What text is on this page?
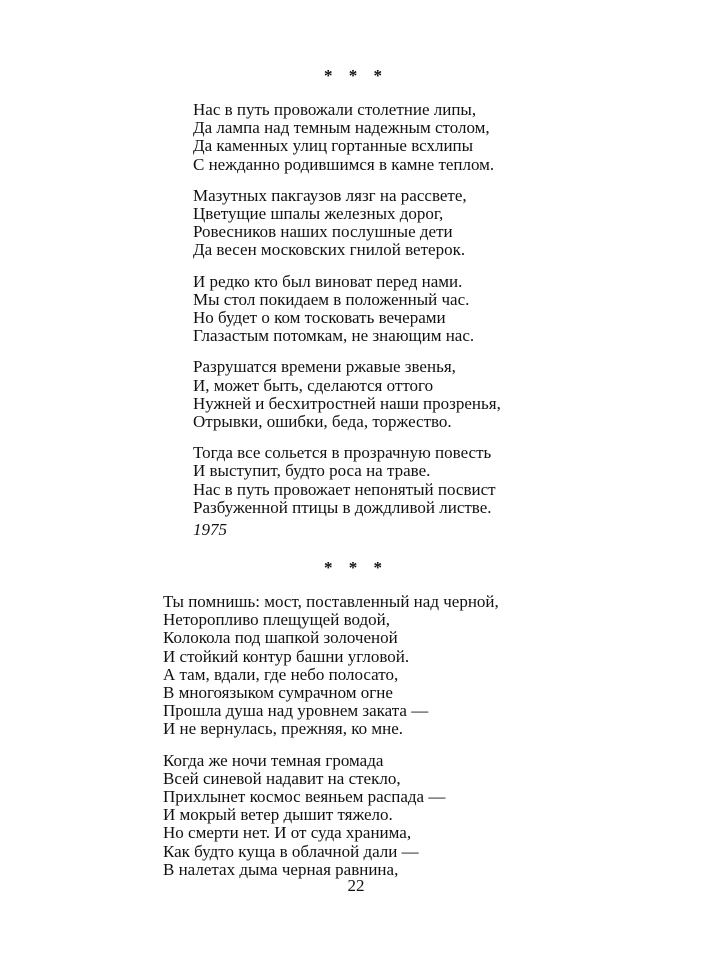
* * *
Нас в путь провожали столетние липы,
Да лампа над темным надежным столом,
Да каменных улиц гортанные всхлипы
С нежданно родившимся в камне теплом.
Мазутных пакгаузов лязг на рассвете,
Цветущие шпалы железных дорог,
Ровесников наших послушные дети
Да весен московских гнилой ветерок.
И редко кто был виноват перед нами.
Мы стол покидаем в положенный час.
Но будет о ком тосковать вечерами
Глазастым потомкам, не знающим нас.
Разрушатся времени ржавые звенья,
И, может быть, сделаются оттого
Нужней и бесхитростней наши прозренья,
Отрывки, ошибки, беда, торжество.
Тогда все сольется в прозрачную повесть
И выступит, будто роса на траве.
Нас в путь провожает непонятый посвист
Разбуженной птицы в дождливой листве.
1975
* * *
Ты помнишь: мост, поставленный над черной,
Неторопливо плещущей водой,
Колокола под шапкой золоченой
И стойкий контур башни угловой.
А там, вдали, где небо полосато,
В многоязыком сумрачном огне
Прошла душа над уровнем заката —
И не вернулась, прежняя, ко мне.
Когда же ночи темная громада
Всей синевой надавит на стекло,
Прихлынет космос веяньем распада —
И мокрый ветер дышит тяжело.
Но смерти нет. И от суда хранима,
Как будто куща в облачной дали —
В налетах дыма черная равнина,
22
